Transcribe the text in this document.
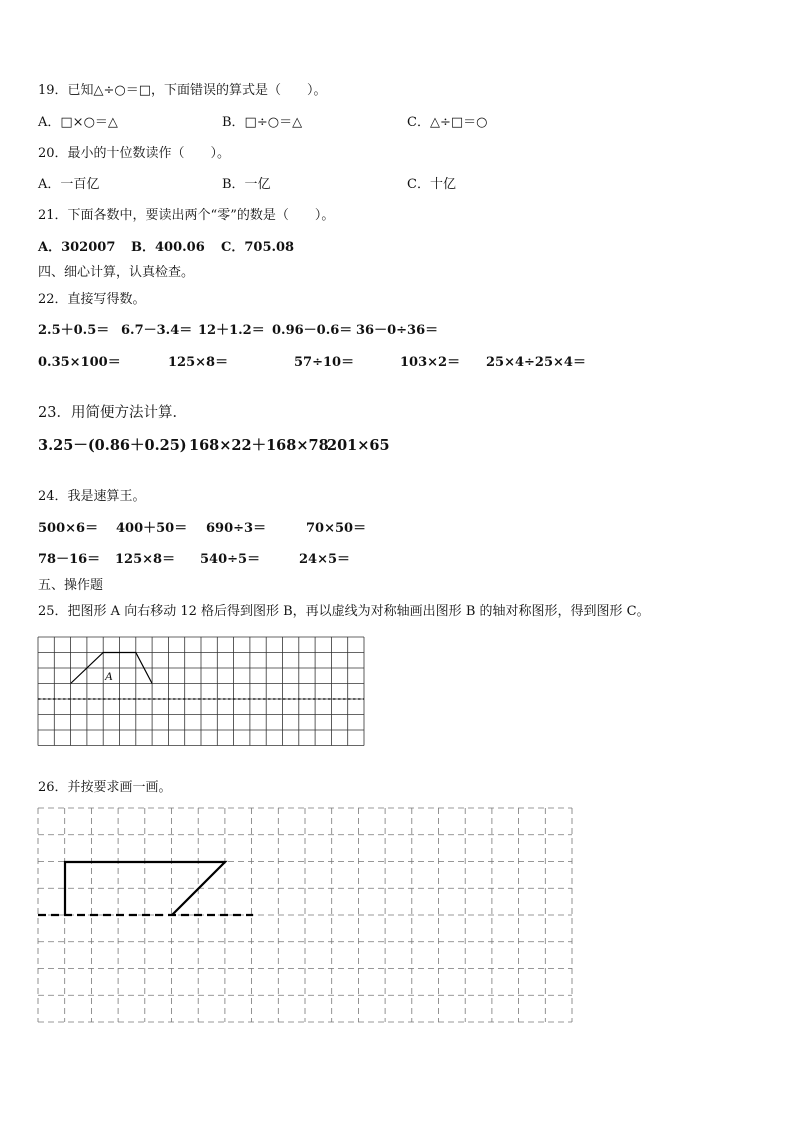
19．已知△÷○＝□，下面错误的算式是（　　）。
A．□×○＝△	B．□÷○＝△	C．△÷□＝○
20．最小的十位数读作（　　）。
A．一百亿	B．一亿	C．十亿
21．下面各数中，要读出两个“零”的数是（　　）。
A．302007 B．400.06 C．705.08
四、细心计算，认真检查。
22．直接写得数。
2.5＋0.5＝ 6.7－3.4＝ 12＋1.2＝ 0.96－0.6＝ 36－0÷36＝
0.35×100＝	125×8＝	57÷10＝	103×2＝ 25×4÷25×4＝
23．用简便方法计算．
3.25－(0.86＋0.25) 168×22＋168×78
201×65
24．我是速算王。
500×6＝ 400＋50＝ 690÷3＝	70×50＝
78－16＝ 125×8＝ 540÷5＝	24×5＝
五、操作题
25．把图形 A 向右移动 12 格后得到图形 B，再以虚线为对称轴画出图形 B 的轴对称图形，得到图形 C。
A
26．并按要求画一画。
